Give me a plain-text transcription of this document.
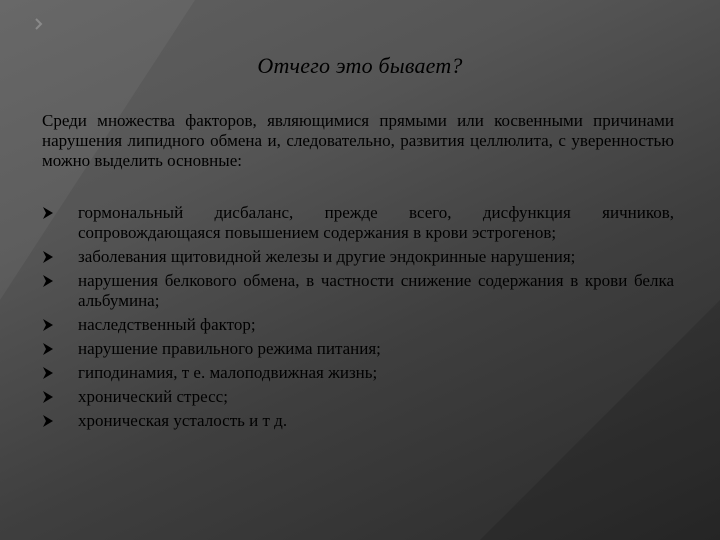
Отчего это бывает?

Среди множества факторов, являющимися прямыми или косвенными причинами нарушения липидного обмена и, следовательно, развития целлюлита, с уверенностью можно выделить основные:

гормональный дисбаланс, прежде всего, дисфункция яичников, сопровождающаяся повышением содержания в крови эстрогенов;
заболевания щитовидной железы и другие эндокринные нарушения;
нарушения белкового обмена, в частности снижение содержания в крови белка альбумина;
наследственный фактор;
нарушение правильного режима питания;
гиподинамия, т е. малоподвижная жизнь;
хронический стресс;
хроническая усталость и т д.
